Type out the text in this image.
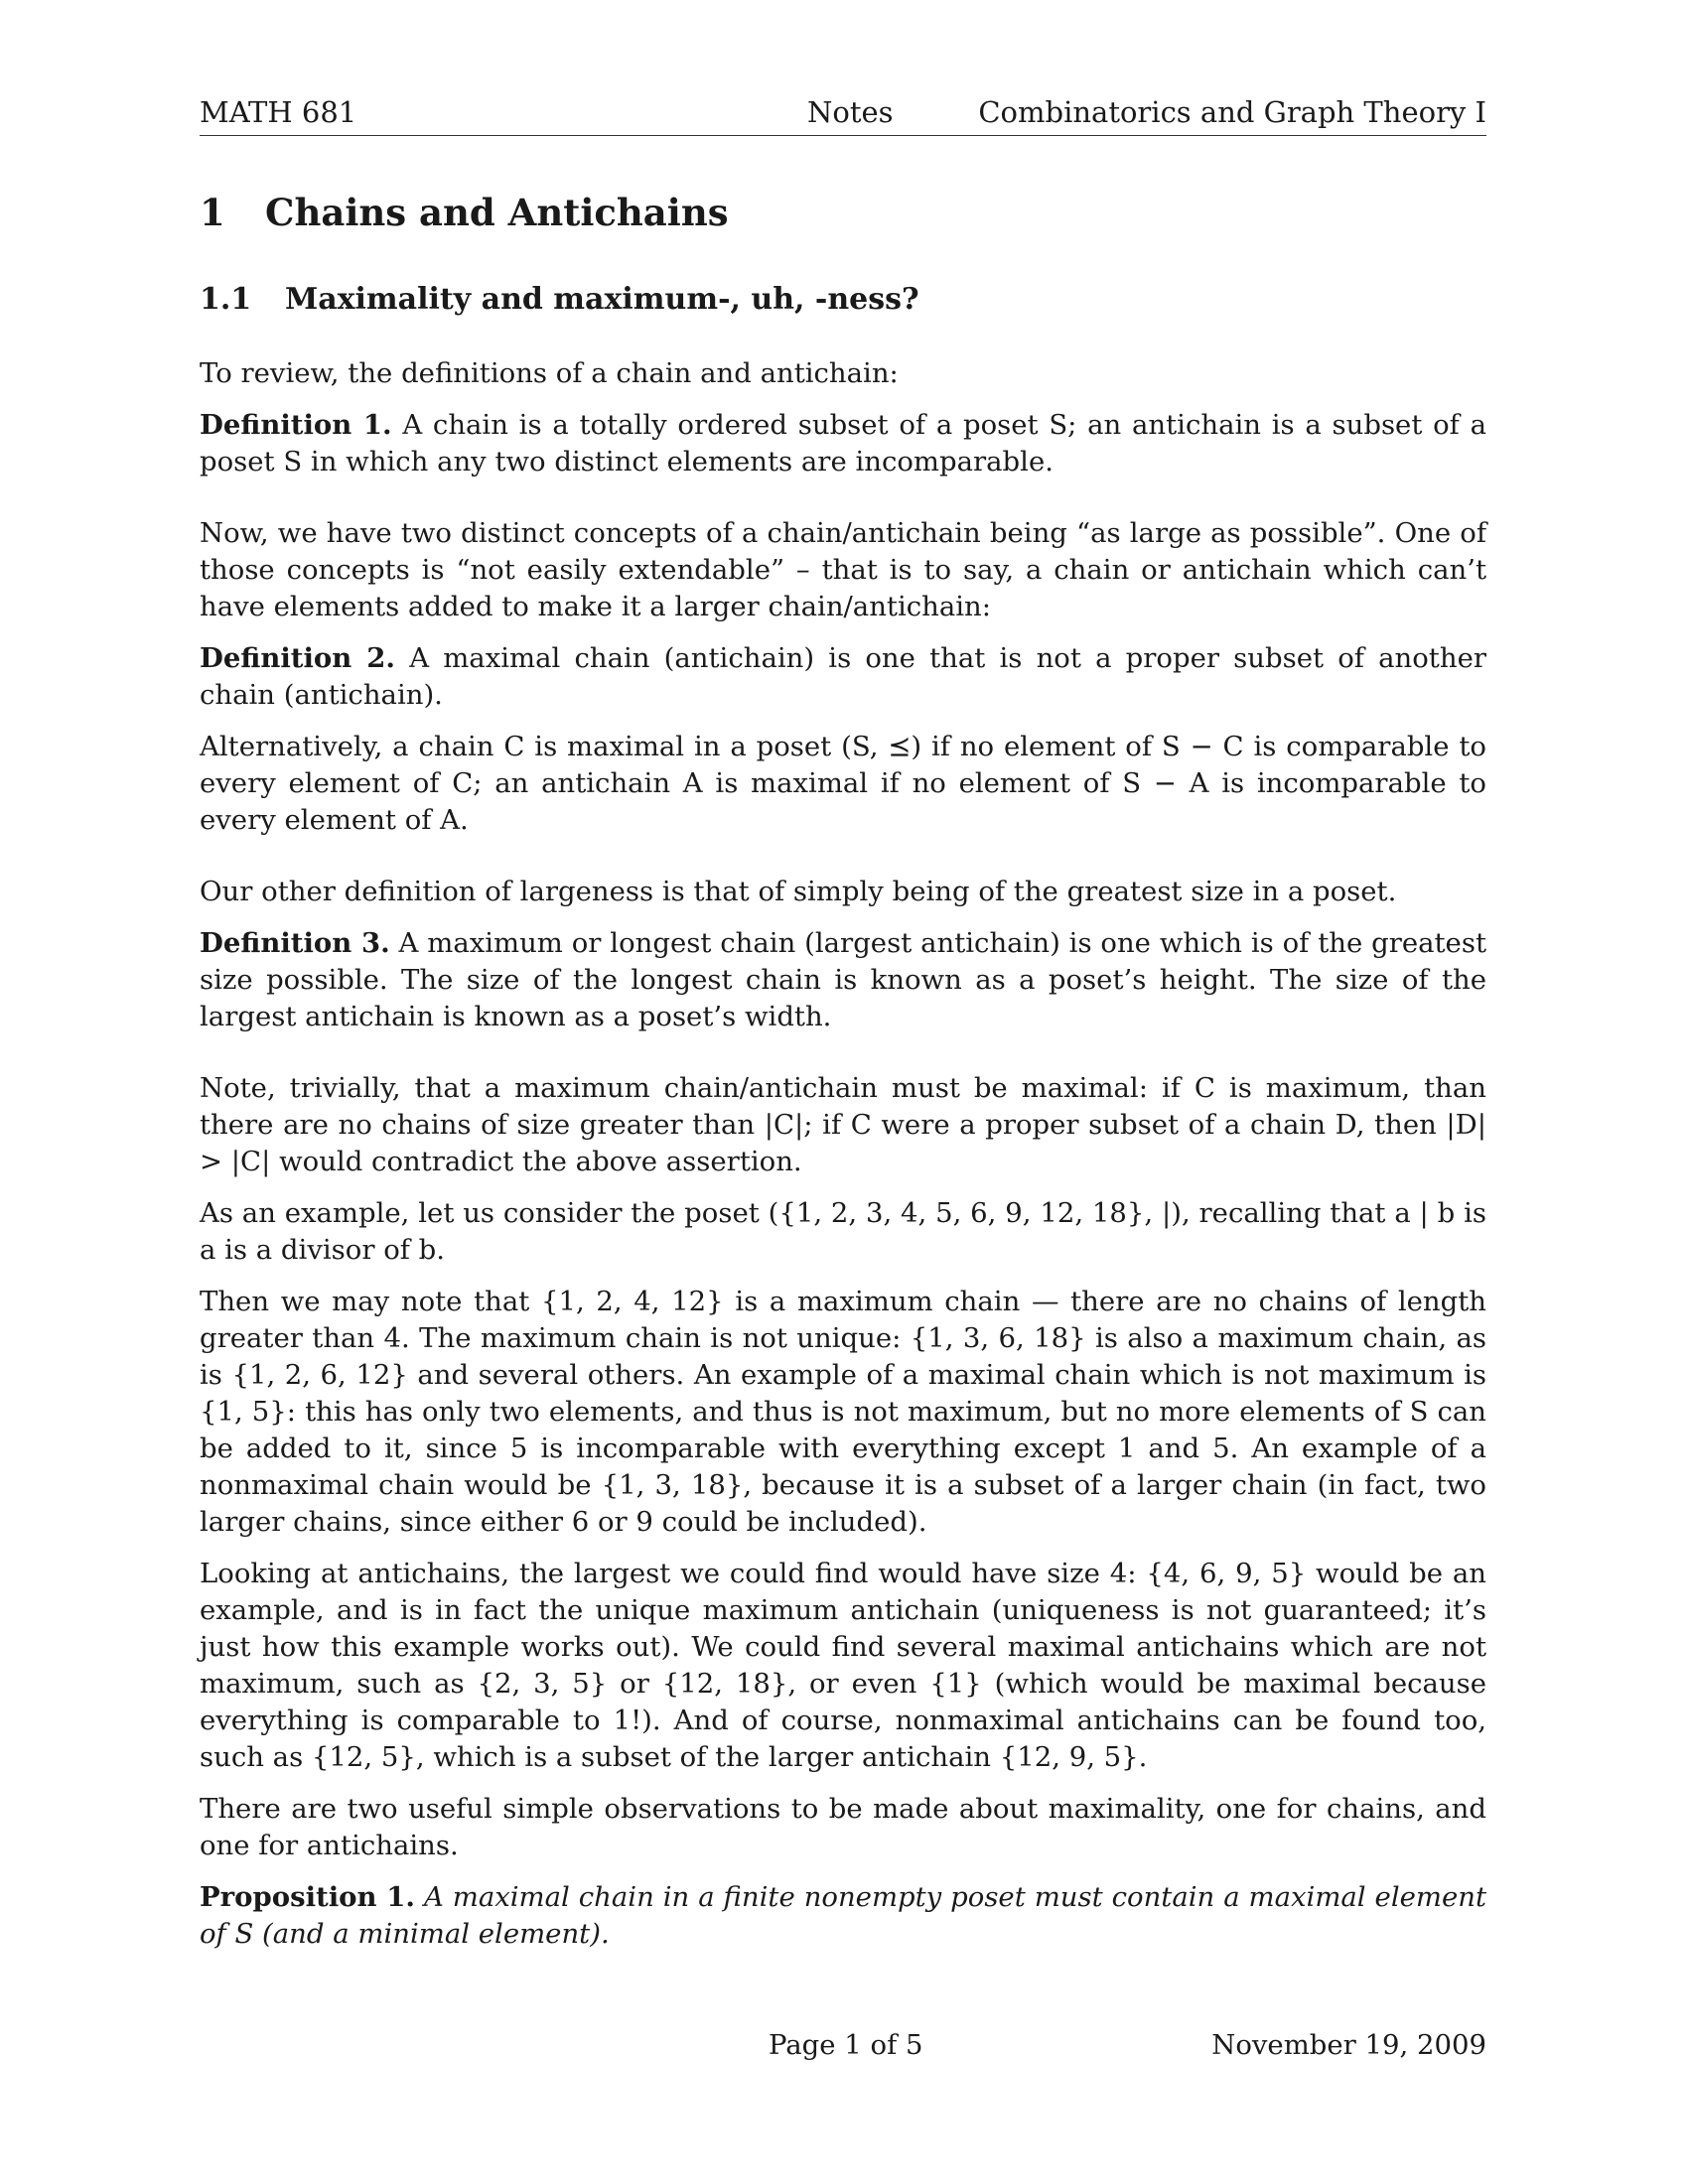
MATH 681	Notes	Combinatorics and Graph Theory I
1 Chains and Antichains
1.1 Maximality and maximum-, uh, -ness?

To review, the definitions of a chain and antichain:

Definition 1. A chain is a totally ordered subset of a poset S; an antichain is a subset of a poset S in which any two distinct elements are incomparable.

Now, we have two distinct concepts of a chain/antichain being “as large as possible”. One of those concepts is “not easily extendable” – that is to say, a chain or antichain which can’t have elements added to make it a larger chain/antichain:

Definition 2. A maximal chain (antichain) is one that is not a proper subset of another chain (antichain).

Alternatively, a chain C is maximal in a poset (S, ⪯) if no element of S − C is comparable to every element of C; an antichain A is maximal if no element of S − A is incomparable to every element of A.

Our other definition of largeness is that of simply being of the greatest size in a poset.

Definition 3. A maximum or longest chain (largest antichain) is one which is of the greatest size possible. The size of the longest chain is known as a poset’s height. The size of the largest antichain is known as a poset’s width.

Note, trivially, that a maximum chain/antichain must be maximal: if C is maximum, than there are no chains of size greater than |C|; if C were a proper subset of a chain D, then |D| > |C| would contradict the above assertion.

As an example, let us consider the poset ({1, 2, 3, 4, 5, 6, 9, 12, 18}, |), recalling that a | b is a is a divisor of b.

Then we may note that {1, 2, 4, 12} is a maximum chain — there are no chains of length greater than 4. The maximum chain is not unique: {1, 3, 6, 18} is also a maximum chain, as is {1, 2, 6, 12} and several others. An example of a maximal chain which is not maximum is {1, 5}: this has only two elements, and thus is not maximum, but no more elements of S can be added to it, since 5 is incomparable with everything except 1 and 5. An example of a nonmaximal chain would be {1, 3, 18}, because it is a subset of a larger chain (in fact, two larger chains, since either 6 or 9 could be included).

Looking at antichains, the largest we could find would have size 4: {4, 6, 9, 5} would be an example, and is in fact the unique maximum antichain (uniqueness is not guaranteed; it’s just how this example works out). We could find several maximal antichains which are not maximum, such as {2, 3, 5} or {12, 18}, or even {1} (which would be maximal because everything is comparable to 1!). And of course, nonmaximal antichains can be found too, such as {12, 5}, which is a subset of the larger antichain {12, 9, 5}.

There are two useful simple observations to be made about maximality, one for chains, and one for antichains.

Proposition 1. A maximal chain in a finite nonempty poset must contain a maximal element of S (and a minimal element).

Page 1 of 5	November 19, 2009
